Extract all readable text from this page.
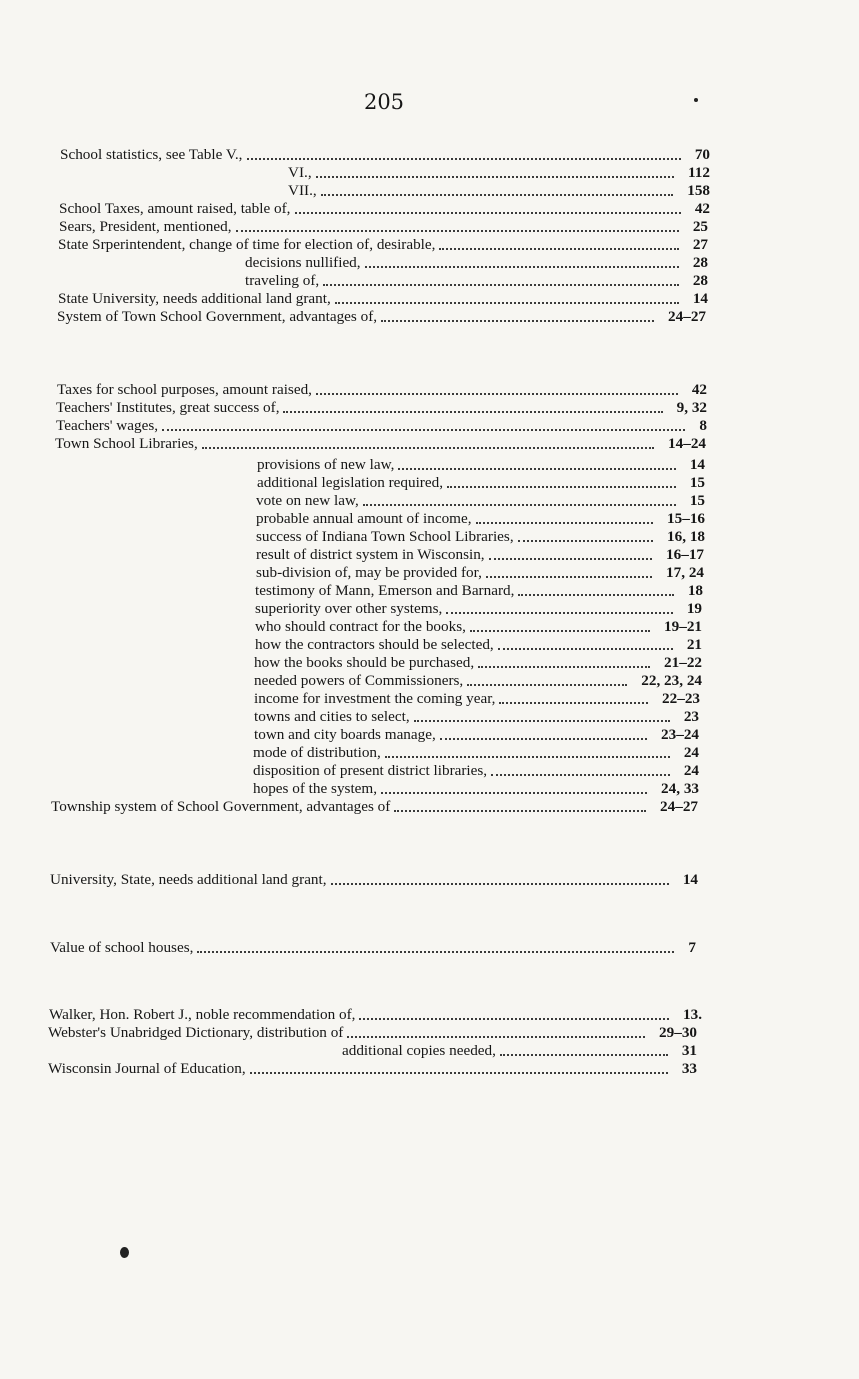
205
School statistics, see Table V.,	70
VI.,	112
VII.,	158
School Taxes, amount raised, table of,	42
Sears, President, mentioned,	25
State Srperintendent, change of time for election of, desirable,	27
decisions nullified,	28
traveling of,	28
State University, needs additional land grant,	14
System of Town School Government, advantages of,	24–27
Taxes for school purposes, amount raised,	42
Teachers' Institutes, great success of,	9, 32
Teachers' wages,	8
Town School Libraries,	14–24
provisions of new law,	14
additional legislation required,	15
vote on new law,	15
probable annual amount of income,	15–16
success of Indiana Town School Libraries,	16, 18
result of district system in Wisconsin,	16–17
sub-division of, may be provided for,	17, 24
testimony of Mann, Emerson and Barnard,	18
superiority over other systems,	19
who should contract for the books,	19–21
how the contractors should be selected,	21
how the books should be purchased,	21–22
needed powers of Commissioners,	22, 23, 24
income for investment the coming year,	22–23
towns and cities to select,	23
town and city boards manage,	23–24
mode of distribution,	24
disposition of present district libraries,	24
hopes of the system,	24, 33
Township system of School Government, advantages of	24–27
University, State, needs additional land grant,	14
Value of school houses,	7
Walker, Hon. Robert J., noble recommendation of,	13.
Webster's Unabridged Dictionary, distribution of	29–30
additional copies needed,	31
Wisconsin Journal of Education,	33
